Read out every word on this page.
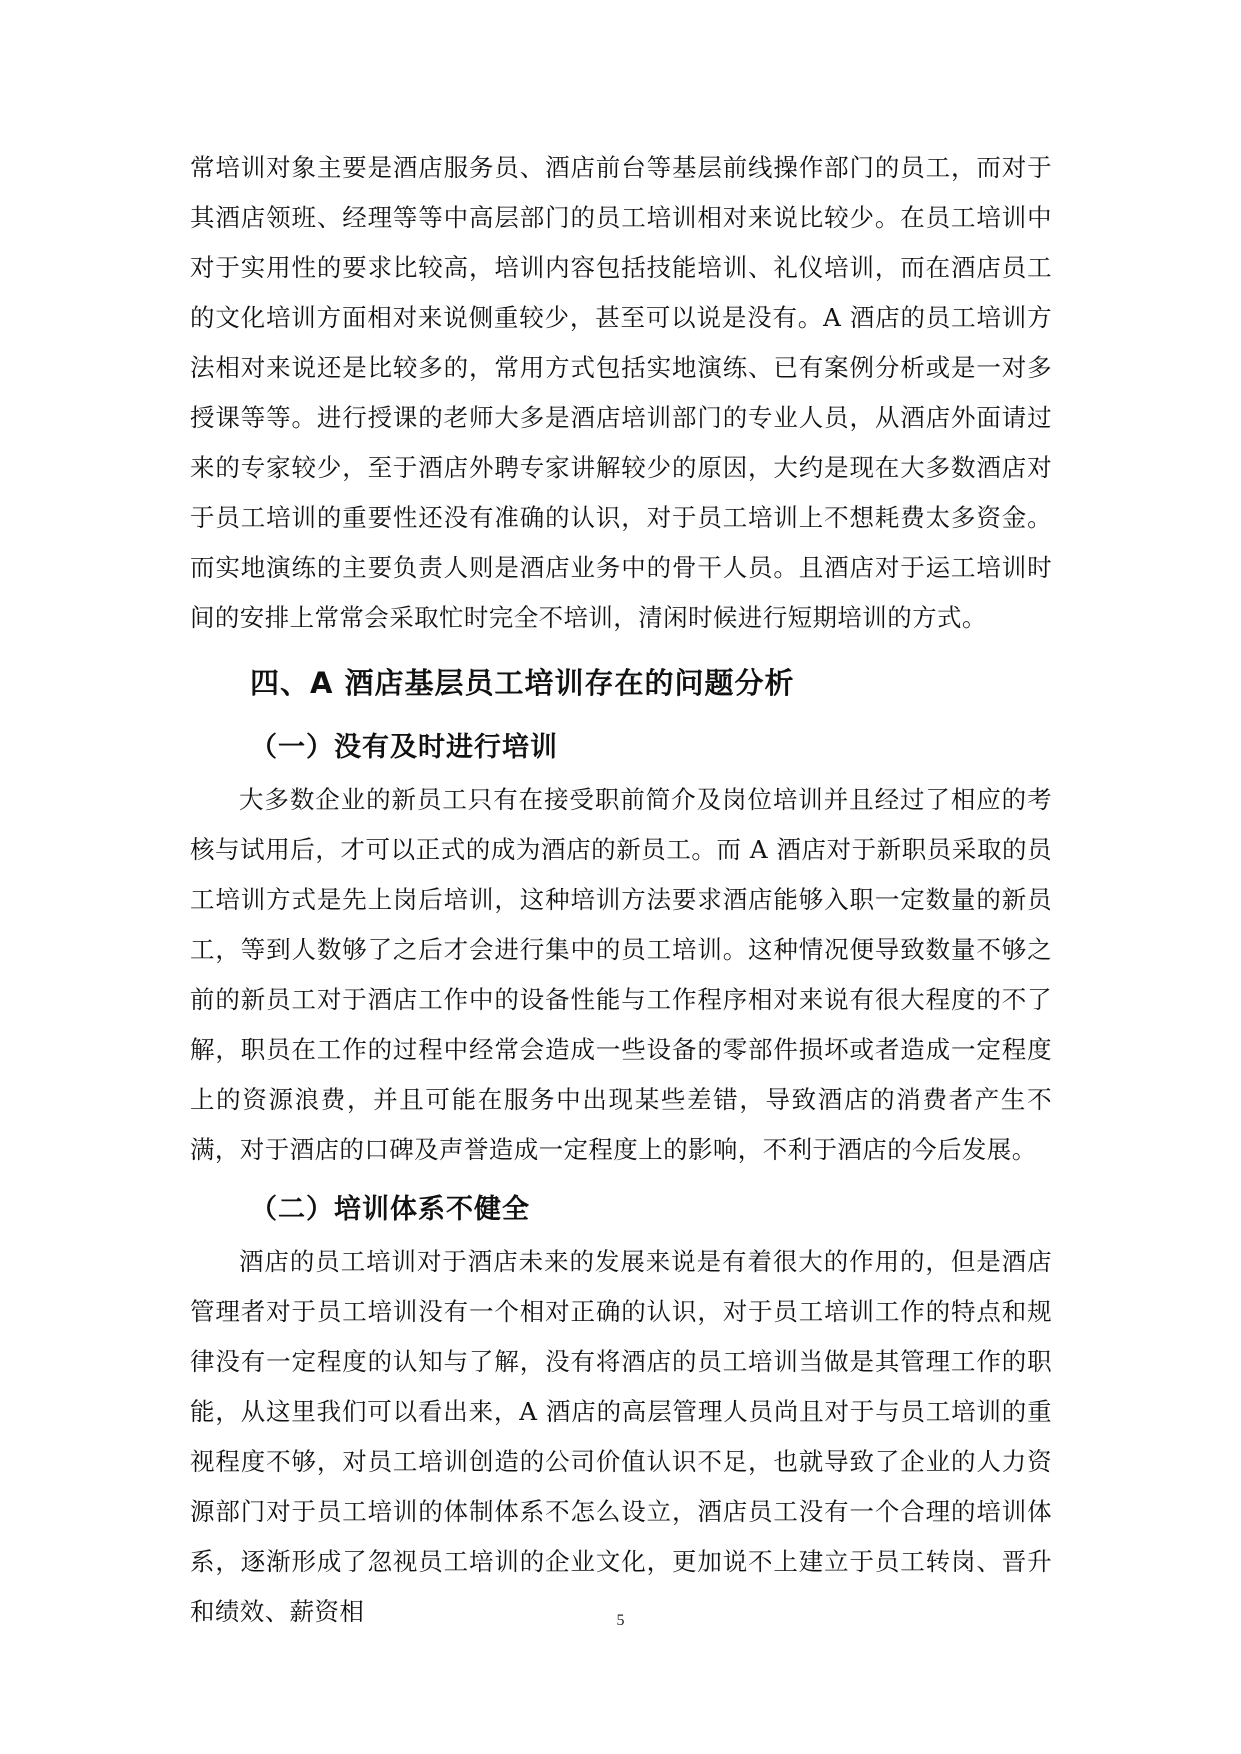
常培训对象主要是酒店服务员、酒店前台等基层前线操作部门的员工，而对于其酒店领班、经理等等中高层部门的员工培训相对来说比较少。在员工培训中对于实用性的要求比较高，培训内容包括技能培训、礼仪培训，而在酒店员工的文化培训方面相对来说侧重较少，甚至可以说是没有。A 酒店的员工培训方法相对来说还是比较多的，常用方式包括实地演练、已有案例分析或是一对多授课等等。进行授课的老师大多是酒店培训部门的专业人员，从酒店外面请过来的专家较少，至于酒店外聘专家讲解较少的原因，大约是现在大多数酒店对于员工培训的重要性还没有准确的认识，对于员工培训上不想耗费太多资金。而实地演练的主要负责人则是酒店业务中的骨干人员。且酒店对于运工培训时间的安排上常常会采取忙时完全不培训，清闲时候进行短期培训的方式。

四、A 酒店基层员工培训存在的问题分析
（一）没有及时进行培训

大多数企业的新员工只有在接受职前简介及岗位培训并且经过了相应的考核与试用后，才可以正式的成为酒店的新员工。而 A 酒店对于新职员采取的员工培训方式是先上岗后培训，这种培训方法要求酒店能够入职一定数量的新员工，等到人数够了之后才会进行集中的员工培训。这种情况便导致数量不够之前的新员工对于酒店工作中的设备性能与工作程序相对来说有很大程度的不了解，职员在工作的过程中经常会造成一些设备的零部件损坏或者造成一定程度上的资源浪费，并且可能在服务中出现某些差错，导致酒店的消费者产生不满，对于酒店的口碑及声誉造成一定程度上的影响，不利于酒店的今后发展。

（二）培训体系不健全

酒店的员工培训对于酒店未来的发展来说是有着很大的作用的，但是酒店管理者对于员工培训没有一个相对正确的认识，对于员工培训工作的特点和规律没有一定程度的认知与了解，没有将酒店的员工培训当做是其管理工作的职能，从这里我们可以看出来，A 酒店的高层管理人员尚且对于与员工培训的重视程度不够，对员工培训创造的公司价值认识不足，也就导致了企业的人力资源部门对于员工培训的体制体系不怎么设立，酒店员工没有一个合理的培训体系，逐渐形成了忽视员工培训的企业文化，更加说不上建立于员工转岗、晋升和绩效、薪资相	5
